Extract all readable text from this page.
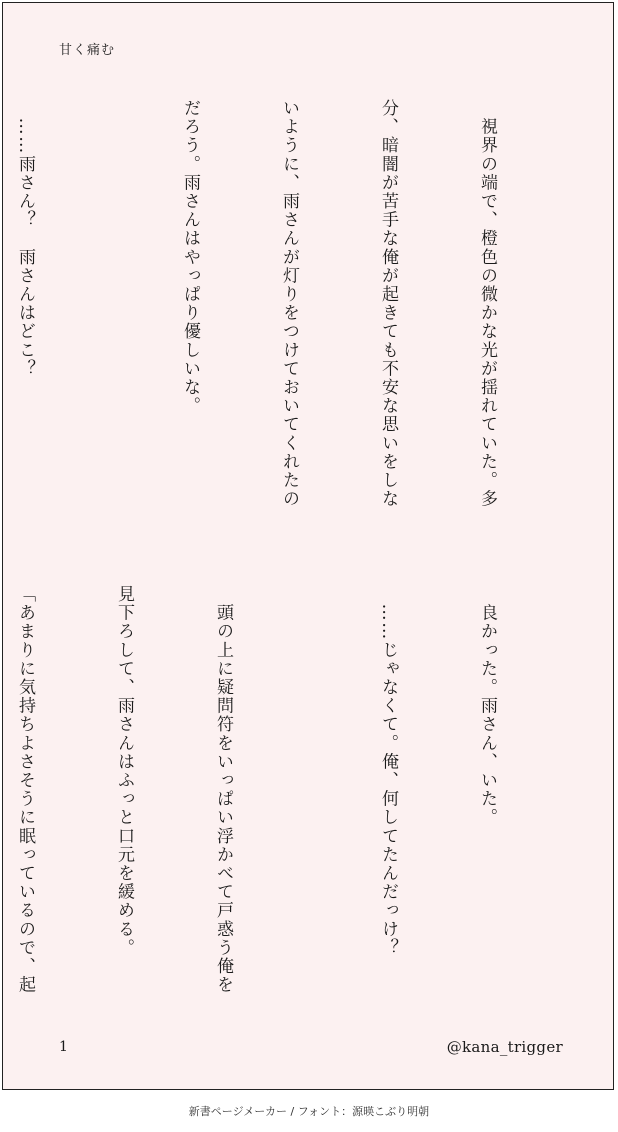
甘く痛む

　視界の端で、橙色の微かな光が揺れていた。多

分、暗闇が苦手な俺が起きても不安な思いをしな

いように、雨さんが灯りをつけておいてくれたの

だろう。雨さんはやっぱり優しいな。

　……雨さん？　雨さんはどこ？

　良かった。雨さん、いた。

　……じゃなくて。俺、何してたんだっけ？

　頭の上に疑問符をいっぱい浮かべて戸惑う俺を

見下ろして、雨さんはふっと口元を緩める。

「あまりに気持ちよさそうに眠っているので、起

1	@kana_trigger
新書ページメーカー / フォント：源暎こぶり明朝
